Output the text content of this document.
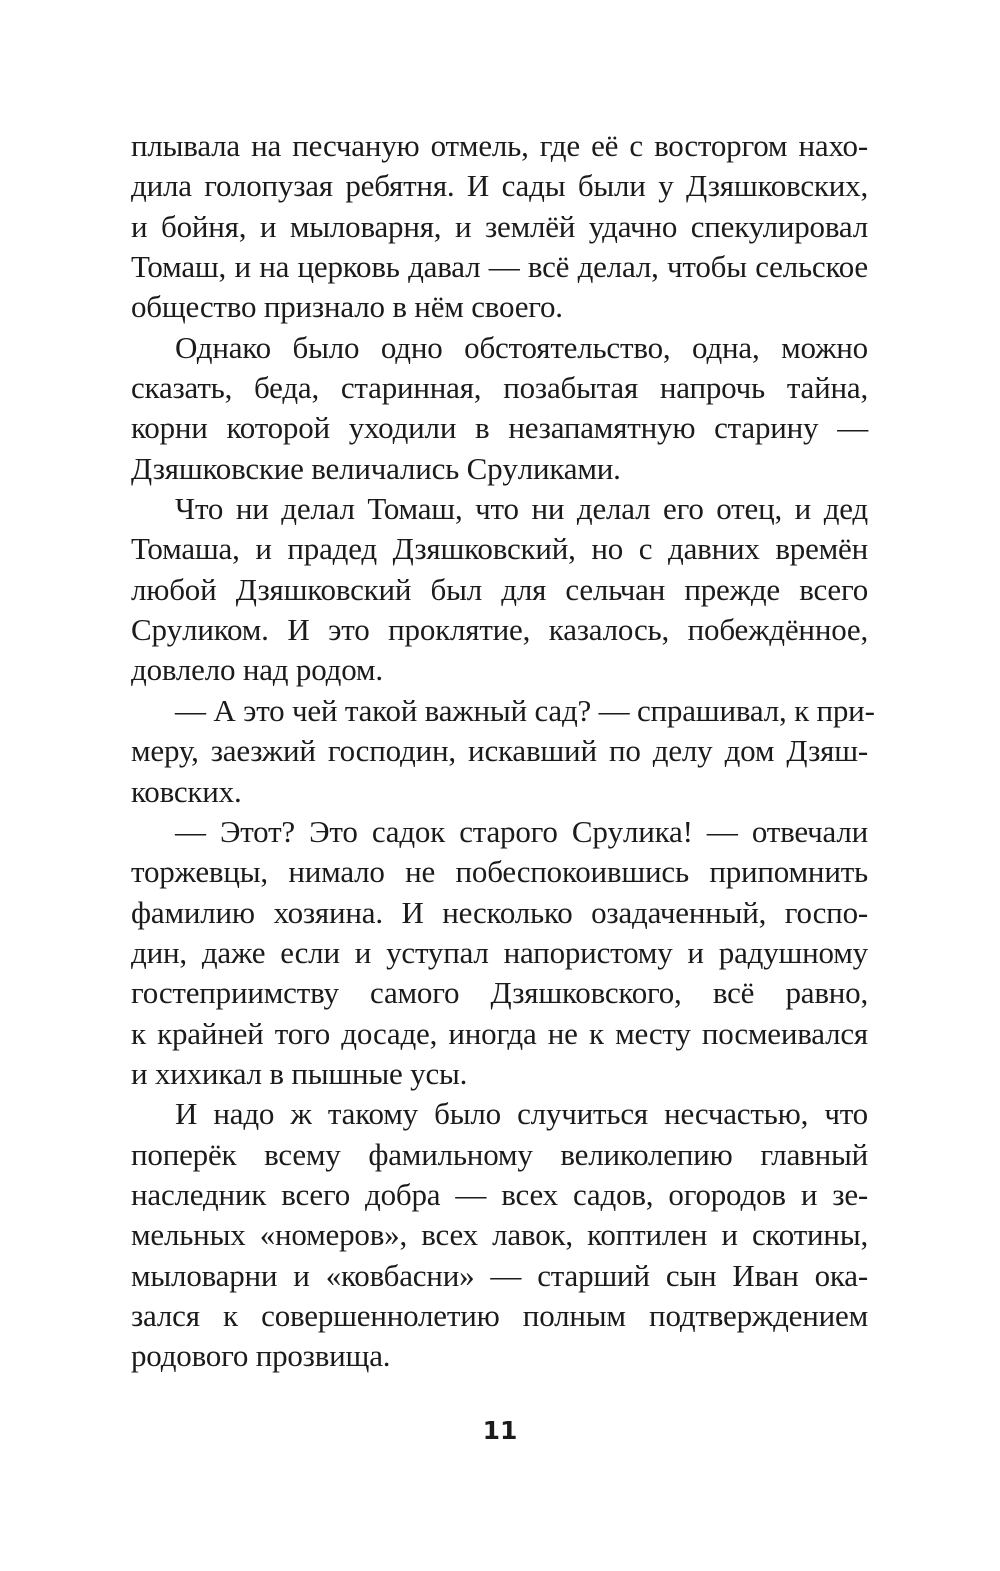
плывала на песчаную отмель, где её с восторгом нахо-
дила голопузая ребятня. И сады были у Дзяшковских,
и бойня, и мыловарня, и землёй удачно спекулировал
Томаш, и на церковь давал — всё делал, чтобы сельское
общество признало в нём своего.
Однако было одно обстоятельство, одна, можно
сказать, беда, старинная, позабытая напрочь тайна,
корни которой уходили в незапамятную старину —
Дзяшковские величались Срyликами.
Что ни делал Томаш, что ни делал его отец, и дед
Томаша, и прадед Дзяшковский, но с давних времён
любой Дзяшковский был для сельчан прежде всего
Срyликом. И это проклятие, казалось, побеждённое,
довлело над родом.
— А это чей такой важный сад? — спрашивал, к при-
меру, заезжий господин, искавший по делу дом Дзяш-
ковских.
— Этот? Это садок старого Срyлика! — отвечали
торжевцы, нимало не побеспокоившись припомнить
фамилию хозяина. И несколько озадаченный, госпо-
дин, даже если и уступал напористому и радушному
гостеприимству самого Дзяшковского, всё равно,
к крайней того досаде, иногда не к месту посмеивался
и хихикал в пышные усы.
И надо ж такому было случиться несчастью, что
поперёк всему фамильному великолепию главный
наследник всего добра — всех садов, огородов и зе-
мельных «номеров», всех лавок, коптилен и скотины,
мыловарни и «ковбасни» — старший сын Иван ока-
зался к совершеннолетию полным подтверждением
родового прозвища.
11
